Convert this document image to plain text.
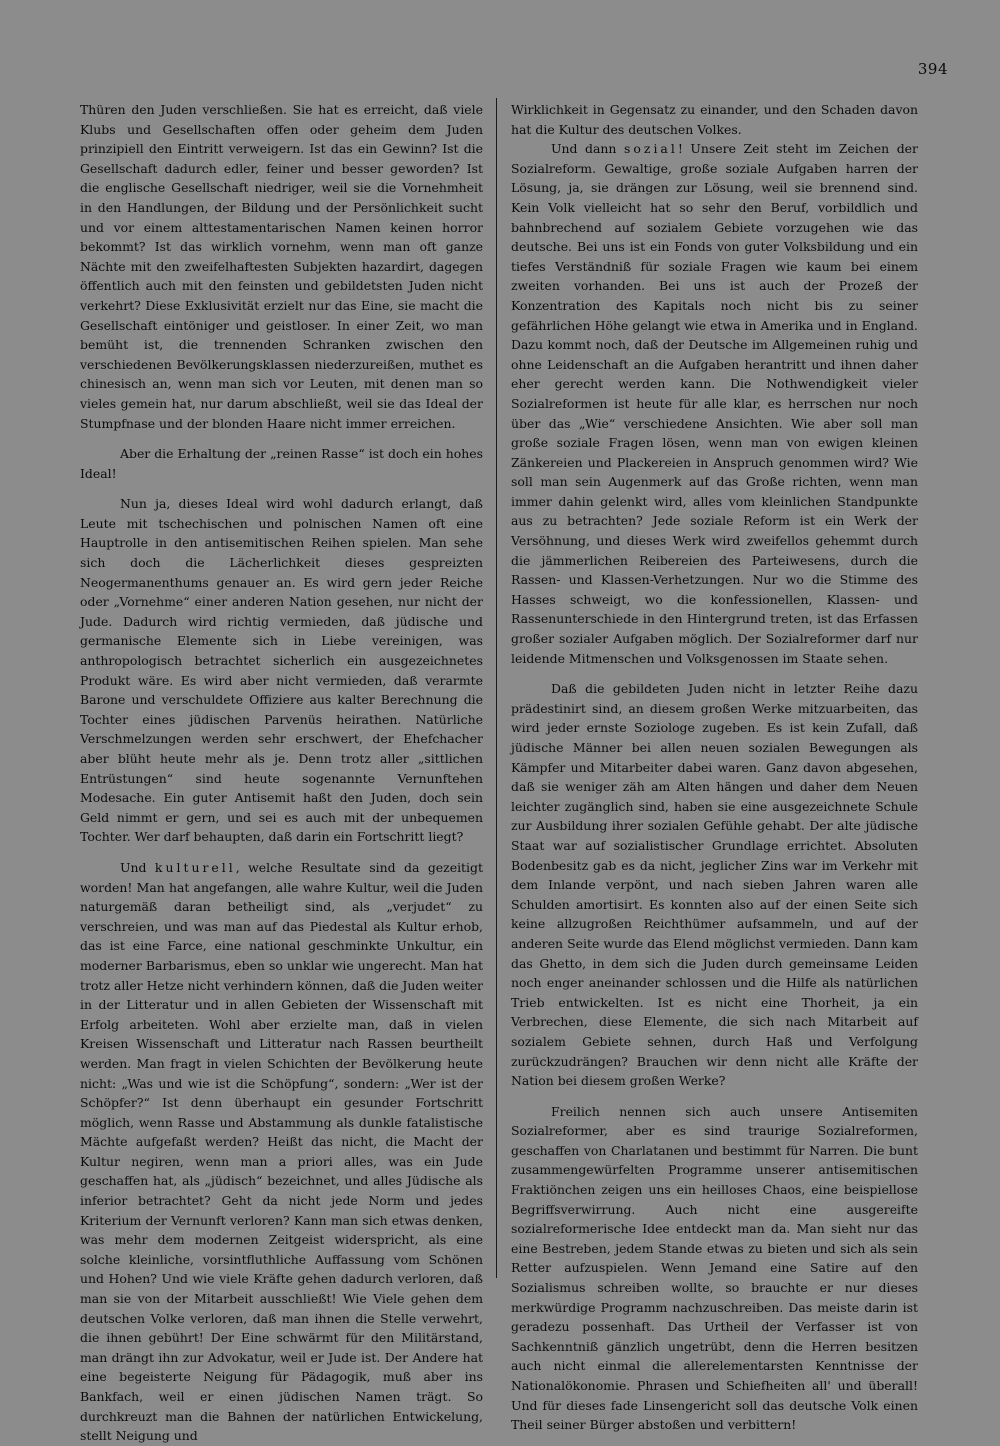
394

Thüren den Juden verschließen. Sie hat es erreicht, daß viele Klubs und Gesellschaften offen oder geheim dem Juden prinzipiell den Eintritt verweigern. Ist das ein Gewinn? Ist die Gesellschaft dadurch edler, feiner und besser geworden? Ist die englische Gesellschaft niedriger, weil sie die Vornehmheit in den Handlungen, der Bildung und der Persönlichkeit sucht und vor einem alttestamentarischen Namen keinen horror bekommt? Ist das wirklich vornehm, wenn man oft ganze Nächte mit den zweifelhaftesten Subjekten hazardirt, dagegen öffentlich auch mit den feinsten und gebildetsten Juden nicht verkehrt? Diese Exklusivität erzielt nur das Eine, sie macht die Gesellschaft eintöniger und geistloser. In einer Zeit, wo man bemüht ist, die trennenden Schranken zwischen den verschiedenen Bevölkerungsklassen niederzureißen, muthet es chinesisch an, wenn man sich vor Leuten, mit denen man so vieles gemein hat, nur darum abschließt, weil sie das Ideal der Stumpfnase und der blonden Haare nicht immer erreichen.

Aber die Erhaltung der „reinen Rasse“ ist doch ein hohes Ideal!

Nun ja, dieses Ideal wird wohl dadurch erlangt, daß Leute mit tschechischen und polnischen Namen oft eine Hauptrolle in den antisemitischen Reihen spielen. Man sehe sich doch die Lächerlichkeit dieses gespreizten Neogermanenthums genauer an. Es wird gern jeder Reiche oder „Vornehme“ einer anderen Nation gesehen, nur nicht der Jude. Dadurch wird richtig vermieden, daß jüdische und germanische Elemente sich in Liebe vereinigen, was anthropologisch betrachtet sicherlich ein ausgezeichnetes Produkt wäre. Es wird aber nicht vermieden, daß verarmte Barone und verschuldete Offiziere aus kalter Berechnung die Tochter eines jüdischen Parvenüs heirathen. Natürliche Verschmelzungen werden sehr erschwert, der Ehefchacher aber blüht heute mehr als je. Denn trotz aller „sittlichen Entrüstungen“ sind heute sogenannte Vernunftehen Modesache. Ein guter Antisemit haßt den Juden, doch sein Geld nimmt er gern, und sei es auch mit der unbequemen Tochter. Wer darf behaupten, daß darin ein Fortschritt liegt?

Und kulturell, welche Resultate sind da gezeitigt worden! Man hat angefangen, alle wahre Kultur, weil die Juden naturgemäß daran betheiligt sind, als „verjudet“ zu verschreien, und was man auf das Piedestal als Kultur erhob, das ist eine Farce, eine national geschminkte Unkultur, ein moderner Barbarismus, eben so unklar wie ungerecht. Man hat trotz aller Hetze nicht verhindern können, daß die Juden weiter in der Litteratur und in allen Gebieten der Wissenschaft mit Erfolg arbeiteten. Wohl aber erzielte man, daß in vielen Kreisen Wissenschaft und Litteratur nach Rassen beurtheilt werden. Man fragt in vielen Schichten der Bevölkerung heute nicht: „Was und wie ist die Schöpfung“, sondern: „Wer ist der Schöpfer?“ Ist denn überhaupt ein gesunder Fortschritt möglich, wenn Rasse und Abstammung als dunkle fatalistische Mächte aufgefaßt werden? Heißt das nicht, die Macht der Kultur negiren, wenn man a priori alles, was ein Jude geschaffen hat, als „jüdisch“ bezeichnet, und alles Jüdische als inferior betrachtet? Geht da nicht jede Norm und jedes Kriterium der Vernunft verloren? Kann man sich etwas denken, was mehr dem modernen Zeitgeist widerspricht, als eine solche kleinliche, vorsintfluthliche Auffassung vom Schönen und Hohen? Und wie viele Kräfte gehen dadurch verloren, daß man sie von der Mitarbeit ausschließt! Wie Viele gehen dem deutschen Volke verloren, daß man ihnen die Stelle verwehrt, die ihnen gebührt! Der Eine schwärmt für den Militärstand, man drängt ihn zur Advokatur, weil er Jude ist. Der Andere hat eine begeisterte Neigung für Pädagogik, muß aber ins Bankfach, weil er einen jüdischen Namen trägt. So durchkreuzt man die Bahnen der natürlichen Entwickelung, stellt Neigung und

Wirklichkeit in Gegensatz zu einander, und den Schaden davon hat die Kultur des deutschen Volkes.

Und dann sozial! Unsere Zeit steht im Zeichen der Sozialreform. Gewaltige, große soziale Aufgaben harren der Lösung, ja, sie drängen zur Lösung, weil sie brennend sind. Kein Volk vielleicht hat so sehr den Beruf, vorbildlich und bahnbrechend auf sozialem Gebiete vorzugehen wie das deutsche. Bei uns ist ein Fonds von guter Volksbildung und ein tiefes Verständniß für soziale Fragen wie kaum bei einem zweiten vorhanden. Bei uns ist auch der Prozeß der Konzentration des Kapitals noch nicht bis zu seiner gefährlichen Höhe gelangt wie etwa in Amerika und in England. Dazu kommt noch, daß der Deutsche im Allgemeinen ruhig und ohne Leidenschaft an die Aufgaben herantritt und ihnen daher eher gerecht werden kann. Die Nothwendigkeit vieler Sozialreformen ist heute für alle klar, es herrschen nur noch über das „Wie“ verschiedene Ansichten. Wie aber soll man große soziale Fragen lösen, wenn man von ewigen kleinen Zänkereien und Plackereien in Anspruch genommen wird? Wie soll man sein Augenmerk auf das Große richten, wenn man immer dahin gelenkt wird, alles vom kleinlichen Standpunkte aus zu betrachten? Jede soziale Reform ist ein Werk der Versöhnung, und dieses Werk wird zweifellos gehemmt durch die jämmerlichen Reibereien des Parteiwesens, durch die Rassen- und Klassen-Verhetzungen. Nur wo die Stimme des Hasses schweigt, wo die konfessionellen, Klassen- und Rassenunterschiede in den Hintergrund treten, ist das Erfassen großer sozialer Aufgaben möglich. Der Sozialreformer darf nur leidende Mitmenschen und Volksgenossen im Staate sehen.

Daß die gebildeten Juden nicht in letzter Reihe dazu prädestinirt sind, an diesem großen Werke mitzuarbeiten, das wird jeder ernste Soziologe zugeben. Es ist kein Zufall, daß jüdische Männer bei allen neuen sozialen Bewegungen als Kämpfer und Mitarbeiter dabei waren. Ganz davon abgesehen, daß sie weniger zäh am Alten hängen und daher dem Neuen leichter zugänglich sind, haben sie eine ausgezeichnete Schule zur Ausbildung ihrer sozialen Gefühle gehabt. Der alte jüdische Staat war auf sozialistischer Grundlage errichtet. Absoluten Bodenbesitz gab es da nicht, jeglicher Zins war im Verkehr mit dem Inlande verpönt, und nach sieben Jahren waren alle Schulden amortisirt. Es konnten also auf der einen Seite sich keine allzugroßen Reichthümer aufsammeln, und auf der anderen Seite wurde das Elend möglichst vermieden. Dann kam das Ghetto, in dem sich die Juden durch gemeinsame Leiden noch enger aneinander schlossen und die Hilfe als natürlichen Trieb entwickelten. Ist es nicht eine Thorheit, ja ein Verbrechen, diese Elemente, die sich nach Mitarbeit auf sozialem Gebiete sehnen, durch Haß und Verfolgung zurückzudrängen? Brauchen wir denn nicht alle Kräfte der Nation bei diesem großen Werke?

Freilich nennen sich auch unsere Antisemiten Sozialreformer, aber es sind traurige Sozialreformen, geschaffen von Charlatanen und bestimmt für Narren. Die bunt zusammengewürfelten Programme unserer antisemitischen Fraktiönchen zeigen uns ein heilloses Chaos, eine beispiellose Begriffsverwirrung. Auch nicht eine ausgereifte sozialreformerische Idee entdeckt man da. Man sieht nur das eine Bestreben, jedem Stande etwas zu bieten und sich als sein Retter aufzuspielen. Wenn Jemand eine Satire auf den Sozialismus schreiben wollte, so brauchte er nur dieses merkwürdige Programm nachzuschreiben. Das meiste darin ist geradezu possenhaft. Das Urtheil der Verfasser ist von Sachkenntniß gänzlich ungetrübt, denn die Herren besitzen auch nicht einmal die allerelementarsten Kenntnisse der Nationalökonomie. Phrasen und Schiefheiten all' und überall! Und für dieses fade Linsengericht soll das deutsche Volk einen Theil seiner Bürger abstoßen und verbittern!
